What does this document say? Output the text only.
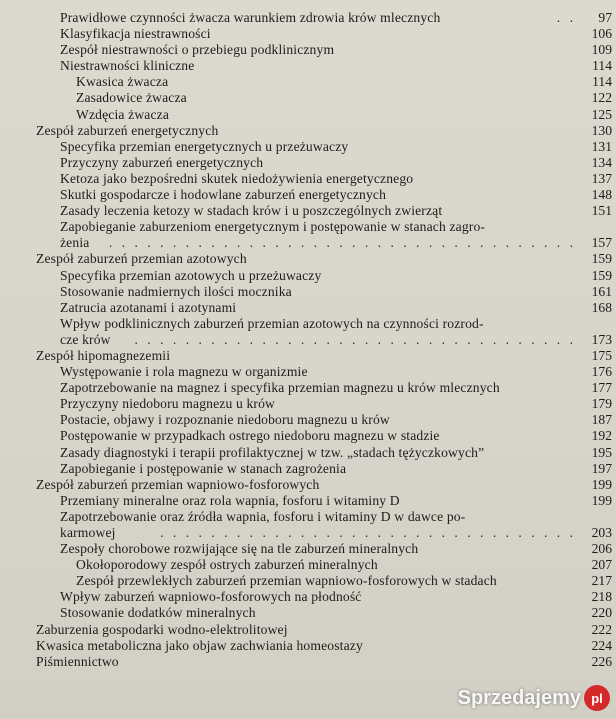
Prawidłowe czynności żwacza warunkiem zdrowia krów mlecznych	. . 97
Klasyfikacja niestrawności	106
Zespół niestrawności o przebiegu podklinicznym	109
Niestrawności kliniczne	114
Kwasica żwacza	114
Zasadowice żwacza	122
Wzdęcia żwacza	125
Zespół zaburzeń energetycznych	130
Specyfika przemian energetycznych u przeżuwaczy	131
Przyczyny zaburzeń energetycznych	134
Ketoza jako bezpośredni skutek niedożywienia energetycznego	137
Skutki gospodarcze i hodowlane zaburzeń energetycznych	148
Zasady leczenia ketozy w stadach krów i u poszczególnych zwierząt	151
Zapobieganie zaburzeniom energetycznym i postępowanie w stanach zagro-
żenia . . . . . . . . . . . . . . . . . . . . . . . . . . . . . . . . . . . . . 157
Zespół zaburzeń przemian azotowych	159
Specyfika przemian azotowych u przeżuwaczy	159
Stosowanie nadmiernych ilości mocznika	161
Zatrucia azotanami i azotynami	168
Wpływ podklinicznych zaburzeń przemian azotowych na czynności rozrod-
cze krów . . . . . . . . . . . . . . . . . . . . . . . . . . . . . . . . . . . 173
Zespół hipomagnezemii	175
Występowanie i rola magnezu w organizmie	176
Zapotrzebowanie na magnez i specyfika przemian magnezu u krów mlecznych	177
Przyczyny niedoboru magnezu u krów	179
Postacie, objawy i rozpoznanie niedoboru magnezu u krów	187
Postępowanie w przypadkach ostrego niedoboru magnezu w stadzie	192
Zasady diagnostyki i terapii profilaktycznej w tzw. „stadach tężyczkowych”	195
Zapobieganie i postępowanie w stanach zagrożenia	197
Zespół zaburzeń przemian wapniowo-fosforowych	199
Przemiany mineralne oraz rola wapnia, fosforu i witaminy D	199
Zapotrzebowanie oraz źródła wapnia, fosforu i witaminy D w dawce po-
karmowej	. . . . . . . . . . . . . . . . . . . . . . . . . . . . . . . . . 203
Zespoły chorobowe rozwijające się na tle zaburzeń mineralnych	206
Okołoporodowy zespół ostrych zaburzeń mineralnych	207
Zespół przewlekłych zaburzeń przemian wapniowo-fosforowych w stadach	217
Wpływ zaburzeń wapniowo-fosforowych na płodność	218
Stosowanie dodatków mineralnych	220
Zaburzenia gospodarki wodno-elektrolitowej	222
Kwasica metaboliczna jako objaw zachwiania homeostazy	224
Piśmiennictwo	226
Sprzedajemy pl
